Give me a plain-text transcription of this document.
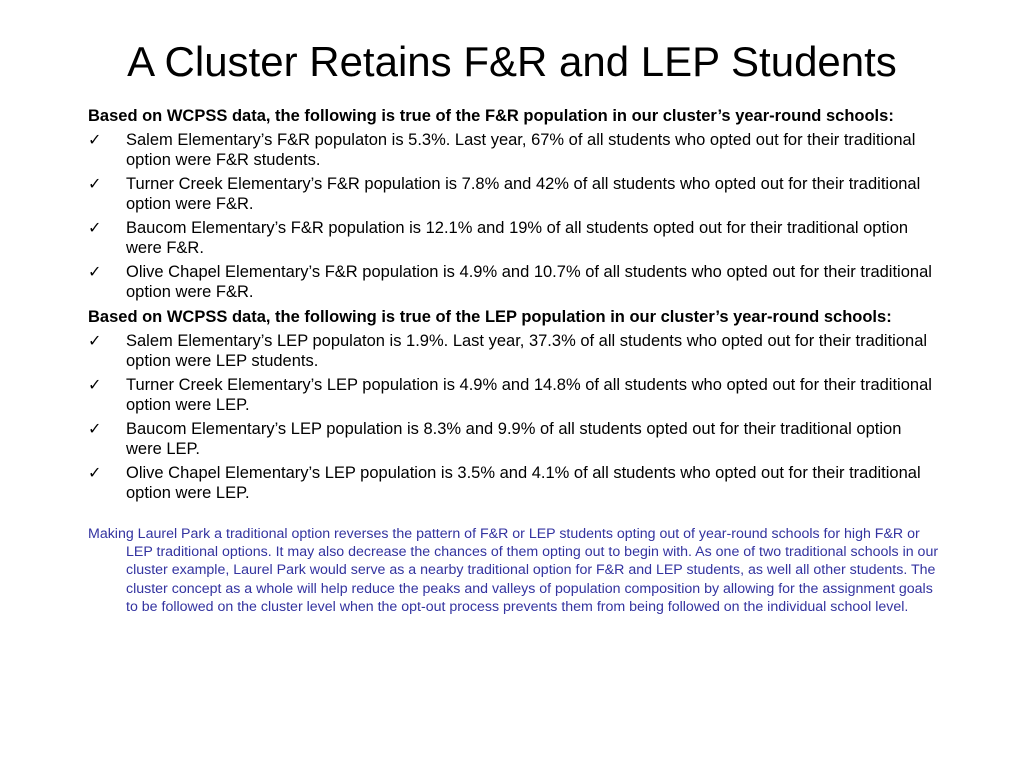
A Cluster Retains F&R and LEP Students

Based on WCPSS data, the following is true of the F&R population in our cluster’s year-round schools:

✓ Salem Elementary’s F&R populaton is 5.3%. Last year, 67% of all students who opted out for their traditional option were F&R students.
✓ Turner Creek Elementary’s F&R population is 7.8% and 42% of all students who opted out for their traditional option were F&R.
✓ Baucom Elementary’s F&R population is 12.1% and 19% of all students opted out for their traditional option were F&R.
✓ Olive Chapel Elementary’s F&R population is 4.9% and 10.7% of all students who opted out for their traditional option were F&R.

Based on WCPSS data, the following is true of the LEP population in our cluster’s year-round schools:

✓ Salem Elementary’s LEP populaton is 1.9%. Last year, 37.3% of all students who opted out for their traditional option were LEP students.
✓ Turner Creek Elementary’s LEP population is 4.9% and 14.8% of all students who opted out for their traditional option were LEP.
✓ Baucom Elementary’s LEP population is 8.3% and 9.9% of all students opted out for their traditional option were LEP.
✓ Olive Chapel Elementary’s LEP population is 3.5% and 4.1% of all students who opted out for their traditional option were LEP.

Making Laurel Park a traditional option reverses the pattern of F&R or LEP students opting out of year-round schools for high F&R or LEP traditional options. It may also decrease the chances of them opting out to begin with. As one of two traditional schools in our cluster example, Laurel Park would serve as a nearby traditional option for F&R and LEP students, as well all other students. The cluster concept as a whole will help reduce the peaks and valleys of population composition by allowing for the assignment goals to be followed on the cluster level when the opt-out process prevents them from being followed on the individual school level.
